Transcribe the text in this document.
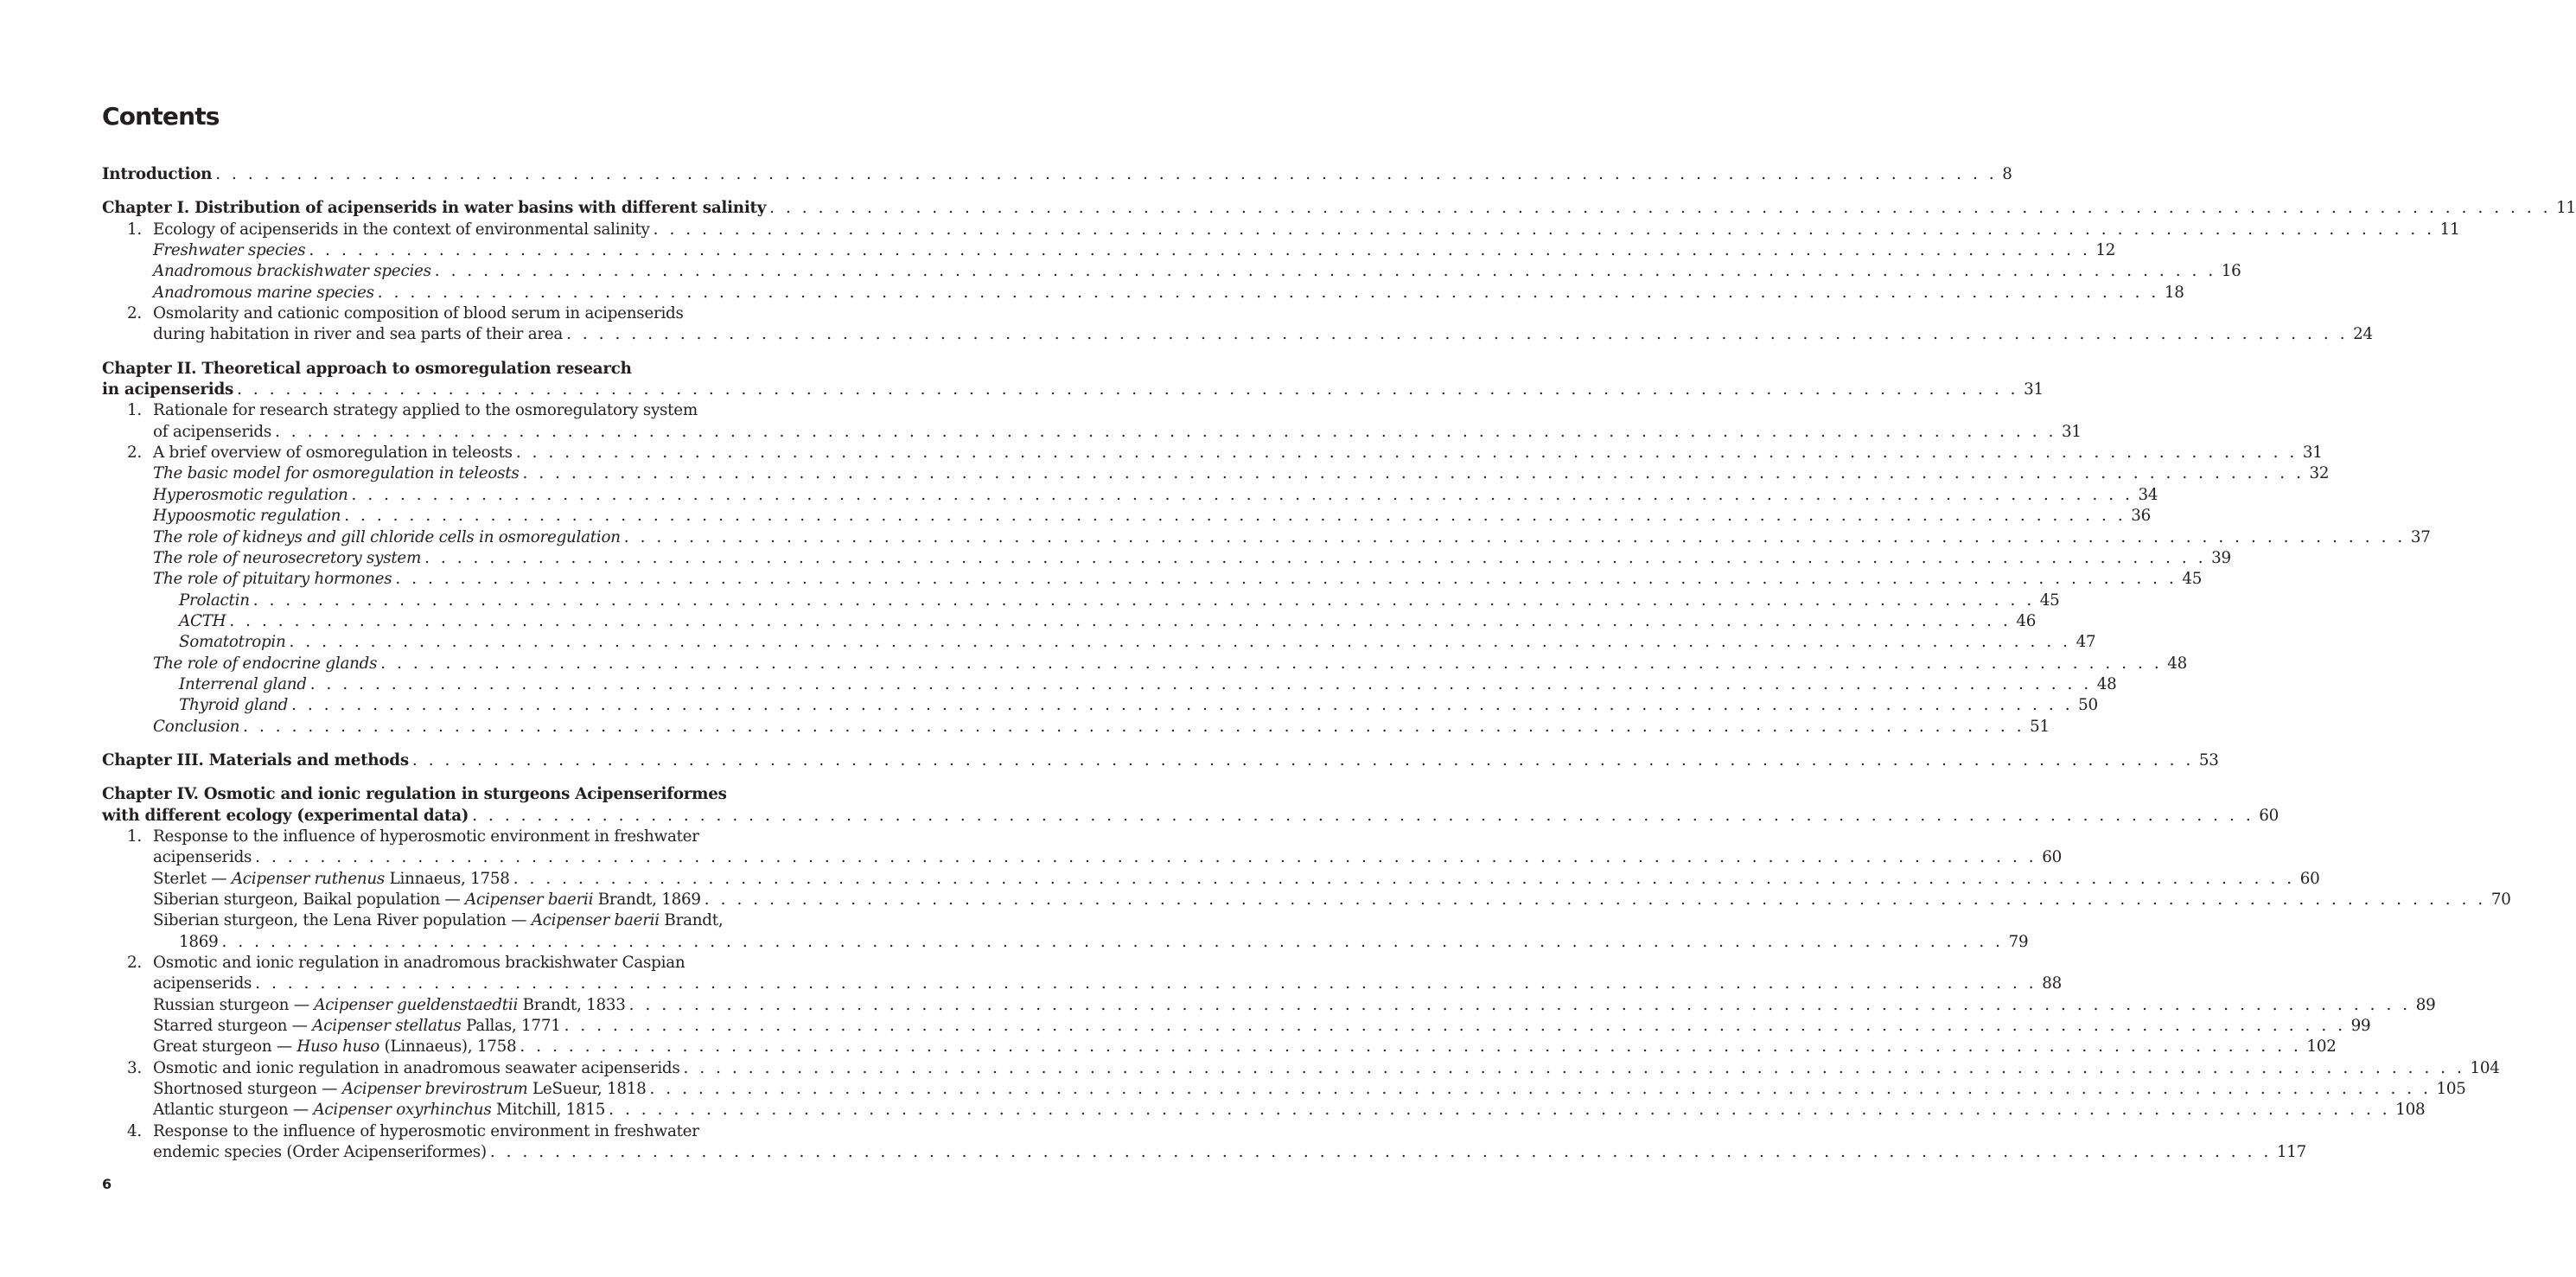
Contents
Introduction . . .	8
Chapter I. Distribution of acipenserids in water basins with different salinity . . .	11
1. Ecology of acipenserids in the context of environmental salinity . . .	11
Freshwater species . . .	12
Anadromous brackishwater species . . .	16
Anadromous marine species . . .	18
2. Osmolarity and cationic composition of blood serum in acipenserids
during habitation in river and sea parts of their area . . .	24
Chapter II. Theoretical approach to osmoregulation research
in acipenserids . . .	31
1. Rationale for research strategy applied to the osmoregulatory system
of acipenserids . . .	31
2. A brief overview of osmoregulation in teleosts . . .	31
The basic model for osmoregulation in teleosts . . .	32
Hyperosmotic regulation . . .	34
Hypoosmotic regulation . . .	36
The role of kidneys and gill chloride cells in osmoregulation . . .	37
The role of neurosecretory system . . .	39
The role of pituitary hormones . . .	45
Prolactin . . .	45
ACTH . . .	46
Somatotropin . . .	47
The role of endocrine glands . . .	48
Interrenal gland . . .	48
Thyroid gland . . .	50
Conclusion . . .	51
Chapter III. Materials and methods . . .	53
Chapter IV. Osmotic and ionic regulation in sturgeons Acipenseriformes
with different ecology (experimental data) . . .	60
1. Response to the influence of hyperosmotic environment in freshwater
acipenserids . . .	60
Sterlet — Acipenser ruthenus Linnaeus, 1758 . . .	60
Siberian sturgeon, Baikal population — Acipenser baerii Brandt, 1869 . . .	70
Siberian sturgeon, the Lena River population — Acipenser baerii Brandt,
1869 . . .	79
2. Osmotic and ionic regulation in anadromous brackishwater Caspian
acipenserids . . .	88
Russian sturgeon — Acipenser gueldenstaedtii Brandt, 1833 . . .	89
Starred sturgeon — Acipenser stellatus Pallas, 1771 . . .	99
Great sturgeon — Huso huso (Linnaeus), 1758 . . .	102
3. Osmotic and ionic regulation in anadromous seawater acipenserids . . .	104
Shortnosed sturgeon — Acipenser brevirostrum LeSueur, 1818 . . .	105
Atlantic sturgeon — Acipenser oxyrhinchus Mitchill, 1815 . . .	108
4. Response to the influence of hyperosmotic environment in freshwater
endemic species (Order Acipenseriformes) . . .	117
6
